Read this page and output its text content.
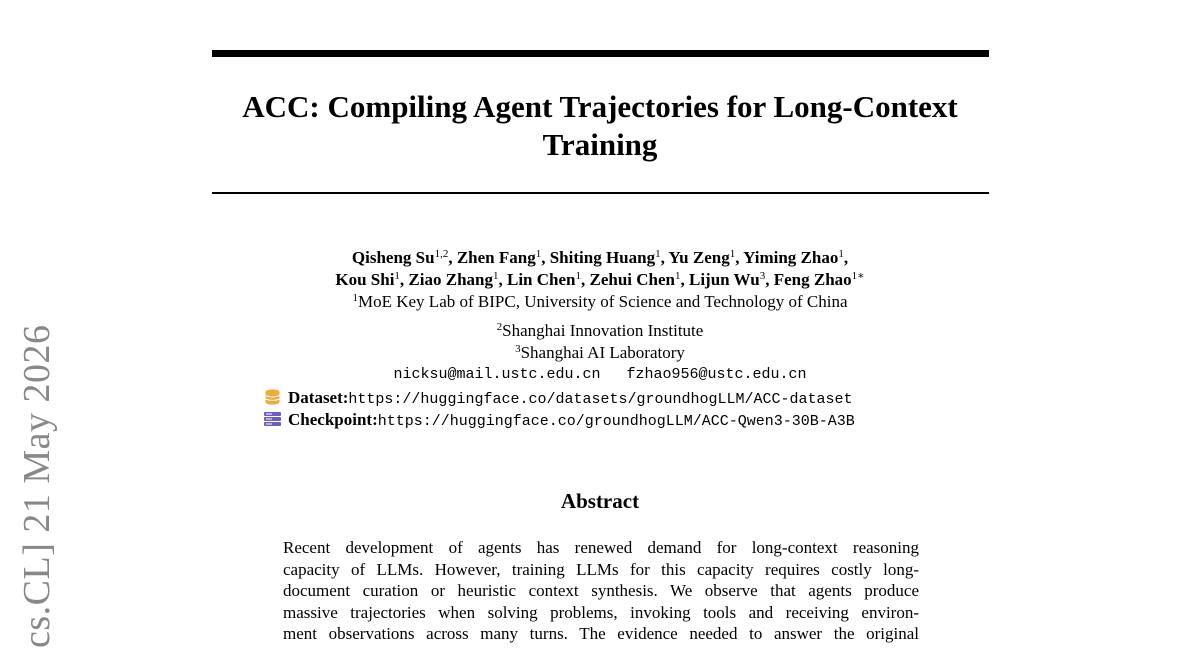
cs.CL] 21 May 2026
ACC: Compiling Agent Trajectories for Long-Context
Training
Qisheng Su$^{1,2}$, Zhen Fang$^1$, Shiting Huang$^1$, Yu Zeng$^1$, Yiming Zhao$^1$,
Kou Shi$^1$, Ziao Zhang$^1$, Lin Chen$^1$, Zehui Chen$^1$, Lijun Wu$^3$, Feng Zhao$^{1∗}$
$^1$MoE Key Lab of BIPC, University of Science and Technology of China
$^2$Shanghai Innovation Institute
$^3$Shanghai AI Laboratory
nicksu@mail.ustc.edu.cn fzhao956@ustc.edu.cn
Dataset:https://huggingface.co/datasets/groundhogLLM/ACC-dataset
Checkpoint:https://huggingface.co/groundhogLLM/ACC-Qwen3-30B-A3B
Abstract
Recent development of agents has renewed demand for long-context reasoning
capacity of LLMs. However, training LLMs for this capacity requires costly long-
document curation or heuristic context synthesis. We observe that agents produce
massive trajectories when solving problems, invoking tools and receiving environ-
ment observations across many turns. The evidence needed to answer the original
